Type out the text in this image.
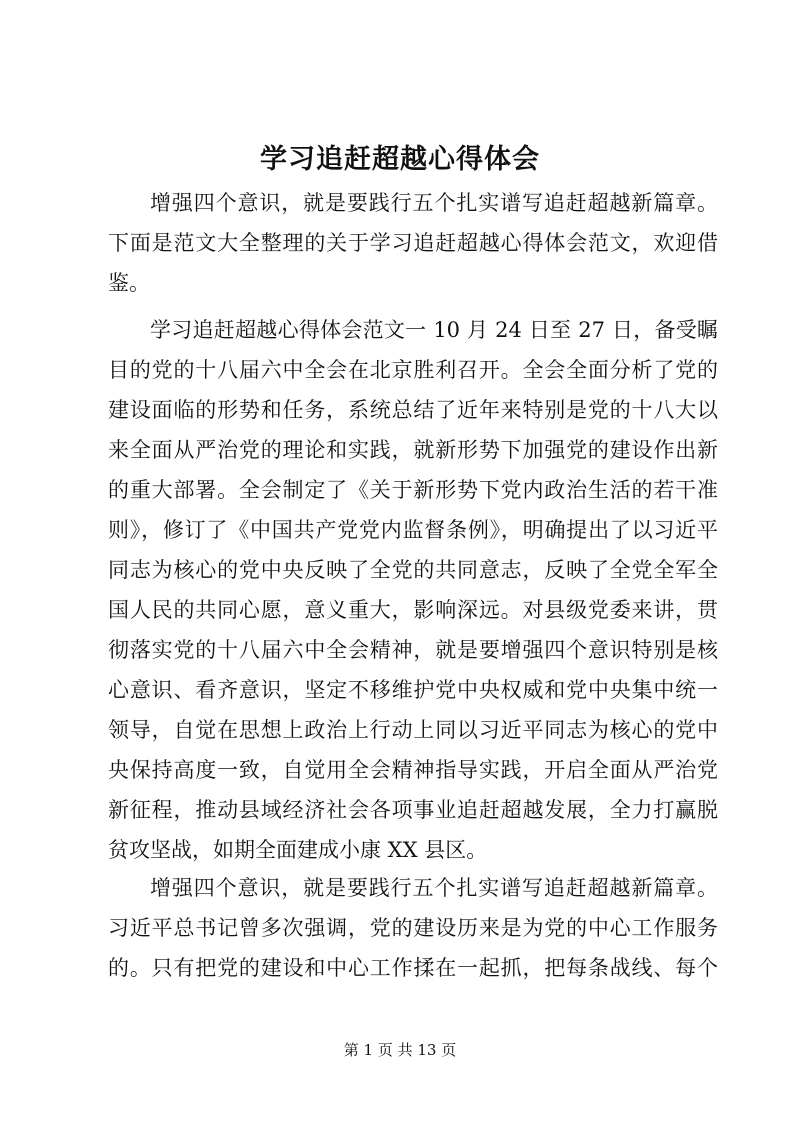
学习追赶超越心得体会
增强四个意识，就是要践行五个扎实谱写追赶超越新篇章。
下面是范文大全整理的关于学习追赶超越心得体会范文，欢迎借
鉴。
学习追赶超越心得体会范文一 10 月 24 日至 27 日，备受瞩
目的党的十八届六中全会在北京胜利召开。全会全面分析了党的
建设面临的形势和任务，系统总结了近年来特别是党的十八大以
来全面从严治党的理论和实践，就新形势下加强党的建设作出新
的重大部署。全会制定了《关于新形势下党内政治生活的若干准
则》，修订了《中国共产党党内监督条例》，明确提出了以习近平
同志为核心的党中央反映了全党的共同意志，反映了全党全军全
国人民的共同心愿，意义重大，影响深远。对县级党委来讲，贯
彻落实党的十八届六中全会精神，就是要增强四个意识特别是核
心意识、看齐意识，坚定不移维护党中央权威和党中央集中统一
领导，自觉在思想上政治上行动上同以习近平同志为核心的党中
央保持高度一致，自觉用全会精神指导实践，开启全面从严治党
新征程，推动县域经济社会各项事业追赶超越发展，全力打赢脱
贫攻坚战，如期全面建成小康 XX 县区。
增强四个意识，就是要践行五个扎实谱写追赶超越新篇章。
习近平总书记曾多次强调，党的建设历来是为党的中心工作服务
的。只有把党的建设和中心工作揉在一起抓，把每条战线、每个

第 1 页 共 13 页
